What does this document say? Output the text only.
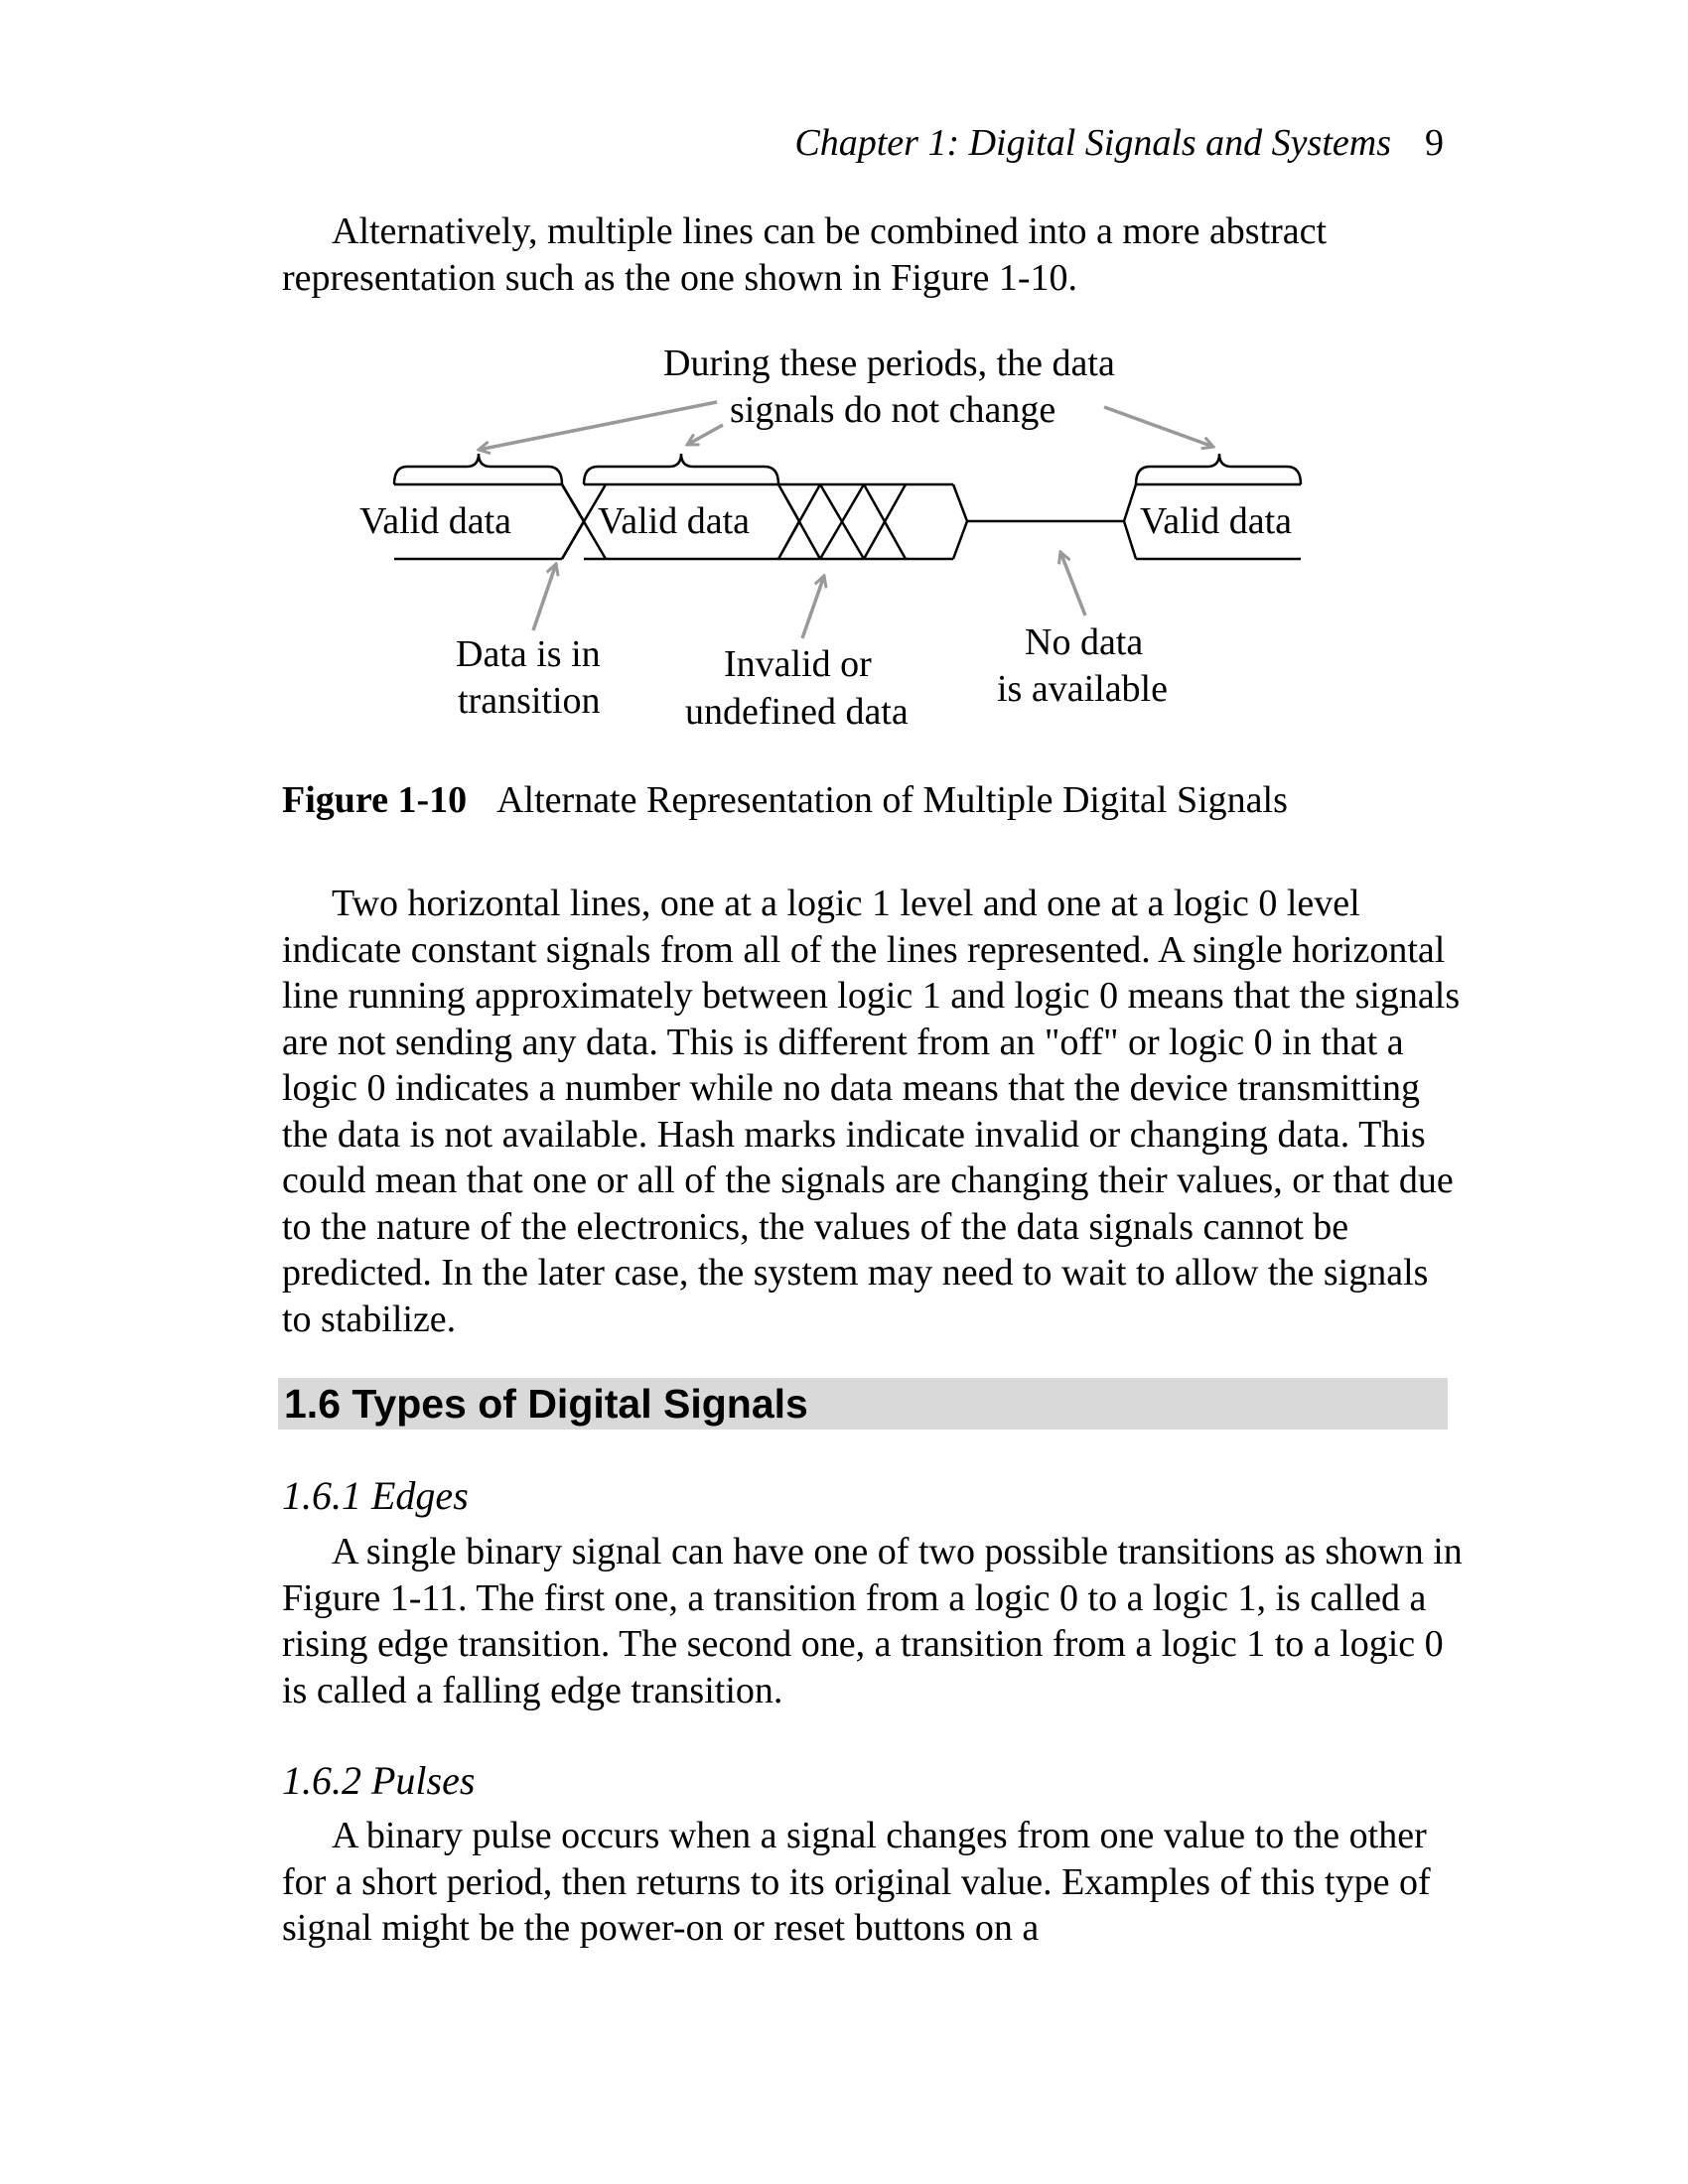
Chapter 1: Digital Signals and Systems 9

Alternatively, multiple lines can be combined into a more abstract representation such as the one shown in Figure 1-10.

During these periods, the data
signals do not change
Valid data Valid data	Valid data
Data is in
transition
Invalid or
undefined data
No data
is available
Figure 1-10 Alternate Representation of Multiple Digital Signals

Two horizontal lines, one at a logic 1 level and one at a logic 0 level indicate constant signals from all of the lines represented. A single horizontal line running approximately between logic 1 and logic 0 means that the signals are not sending any data. This is different from an "off" or logic 0 in that a logic 0 indicates a number while no data means that the device transmitting the data is not available. Hash marks indicate invalid or changing data. This could mean that one or all of the signals are changing their values, or that due to the nature of the electronics, the values of the data signals cannot be predicted. In the later case, the system may need to wait to allow the signals to stabilize.

1.6 Types of Digital Signals
1.6.1 Edges

A single binary signal can have one of two possible transitions as shown in Figure 1-11. The first one, a transition from a logic 0 to a logic 1, is called a rising edge transition. The second one, a transition from a logic 1 to a logic 0 is called a falling edge transition.

1.6.2 Pulses

A binary pulse occurs when a signal changes from one value to the other for a short period, then returns to its original value. Examples of this type of signal might be the power-on or reset buttons on a
